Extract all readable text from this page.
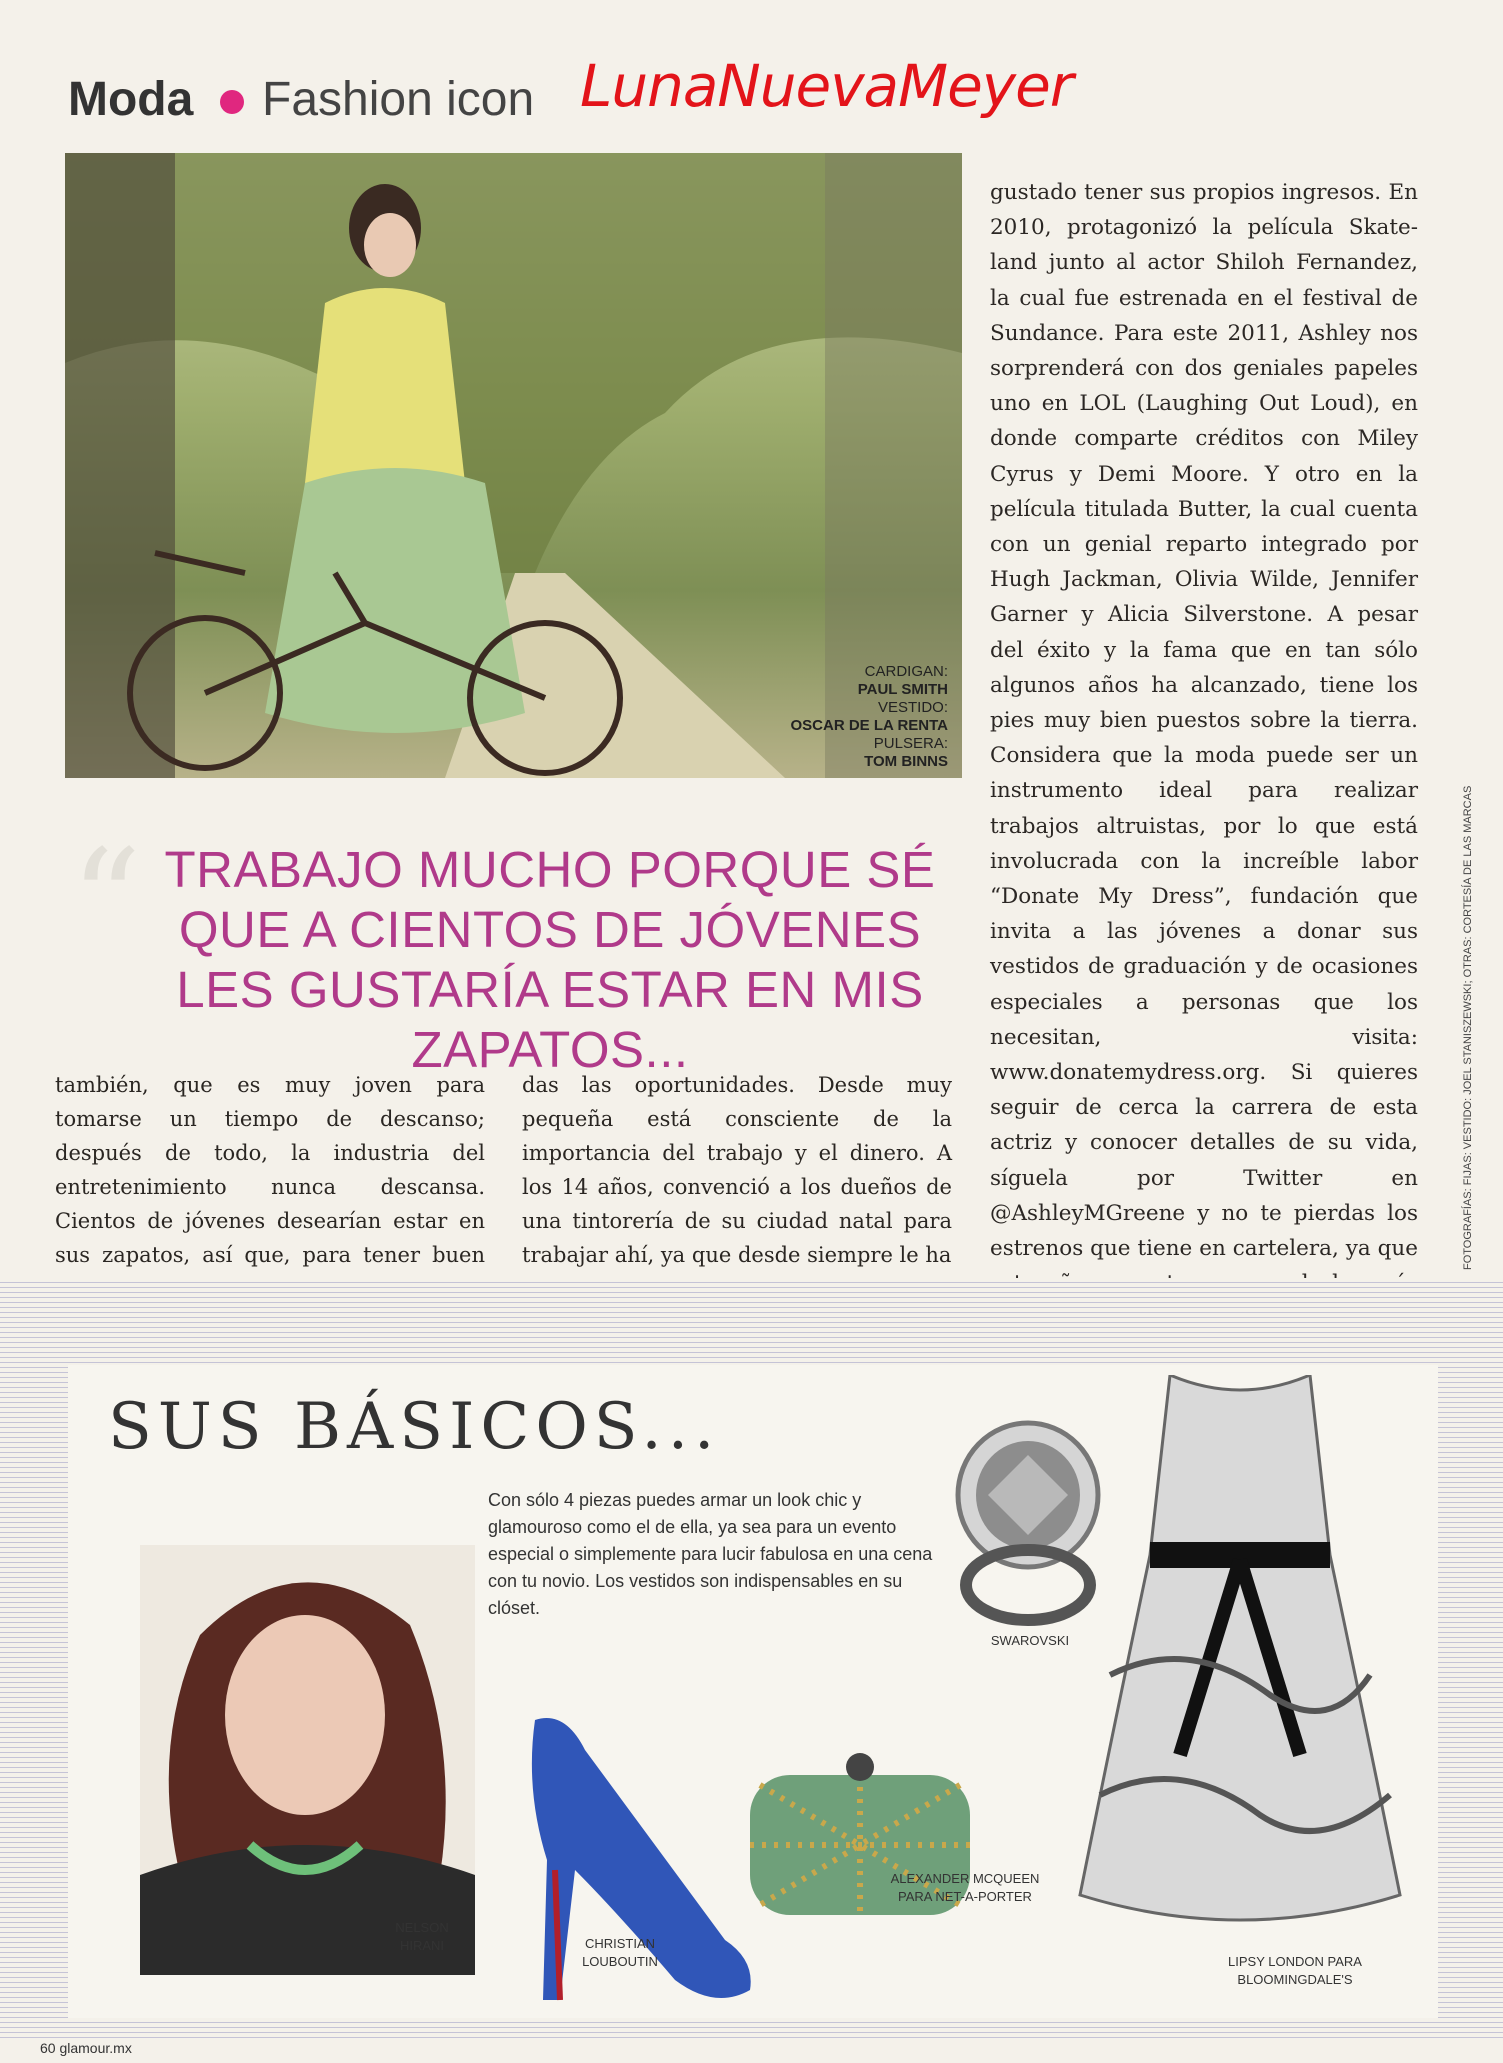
Moda Fashion icon LunaNuevaMeyer
CARDIGAN:
PAUL SMITH
VESTIDO:
OSCAR DE LA RENTA
PULSERA:
TOM BINNS

gustado tener sus propios ingresos. En 2010, protagonizó la película Skateland junto al actor Shiloh Fernandez, la cual fue estrenada en el festival de Sundance. Para este 2011, Ashley nos sorprenderá con dos geniales papeles uno en LOL (Laughing Out Loud), en donde comparte créditos con Miley Cyrus y Demi Moore. Y otro en la película titulada Butter, la cual cuenta con un genial reparto integrado por Hugh Jackman, Olivia Wilde, Jennifer Garner y Alicia Silverstone. A pesar del éxito y la fama que en tan sólo algunos años ha alcanzado, tiene los pies muy bien puestos sobre la tierra. Considera que la moda puede ser un instrumento ideal para realizar trabajos altruistas, por lo que está involucrada con la increíble labor “Donate My Dress”, fundación que invita a las jóvenes a donar sus vestidos de graduación y de ocasiones especiales a personas que los necesitan, visita: www.donatemydress.org. Si quieres seguir de cerca la carrera de esta actriz y conocer detalles de su vida, síguela por Twitter en @AshleyMGreene y no te pierdas los estrenos que tiene en cartelera, ya que	FOTOGRAFÍAS: FIJAS: VESTIDO: JOEL STANISZEWSKI; OTRAS: CORTESÍA DE LAS MARCAS
“ TRABAJO MUCHO PORQUE SÉ QUE A CIENTOS DE JÓVENES LES GUSTARÍA ESTAR EN MIS ZAPATOS...

también, que es muy joven para tomarse un tiempo de descanso; después de todo, la industria del entretenimiento nunca descansa. Cientos de jóvenes desearían estar en sus zapatos, así que, para tener buen

das las oportunidades. Desde muy pequeña está consciente de la importancia del trabajo y el dinero. A los 14 años, convenció a los dueños de una tintorería de su ciudad natal para trabajar ahí, ya que desde siempre le ha

SUS BÁSICOS...
Con sólo 4 piezas puedes armar un look chic y glamouroso como el de ella, ya sea para un evento especial o simplemente para lucir fabulosa en una cena con tu novio. Los vestidos son indispensables en su clóset.
NELSON HIRANI
SWAROVSKI
CHRISTIAN LOUBOUTIN
ALEXANDER MCQUEEN PARA NET-A-PORTER
LIPSY LONDON PARA BLOOMINGDALE'S
60 glamour.mx
